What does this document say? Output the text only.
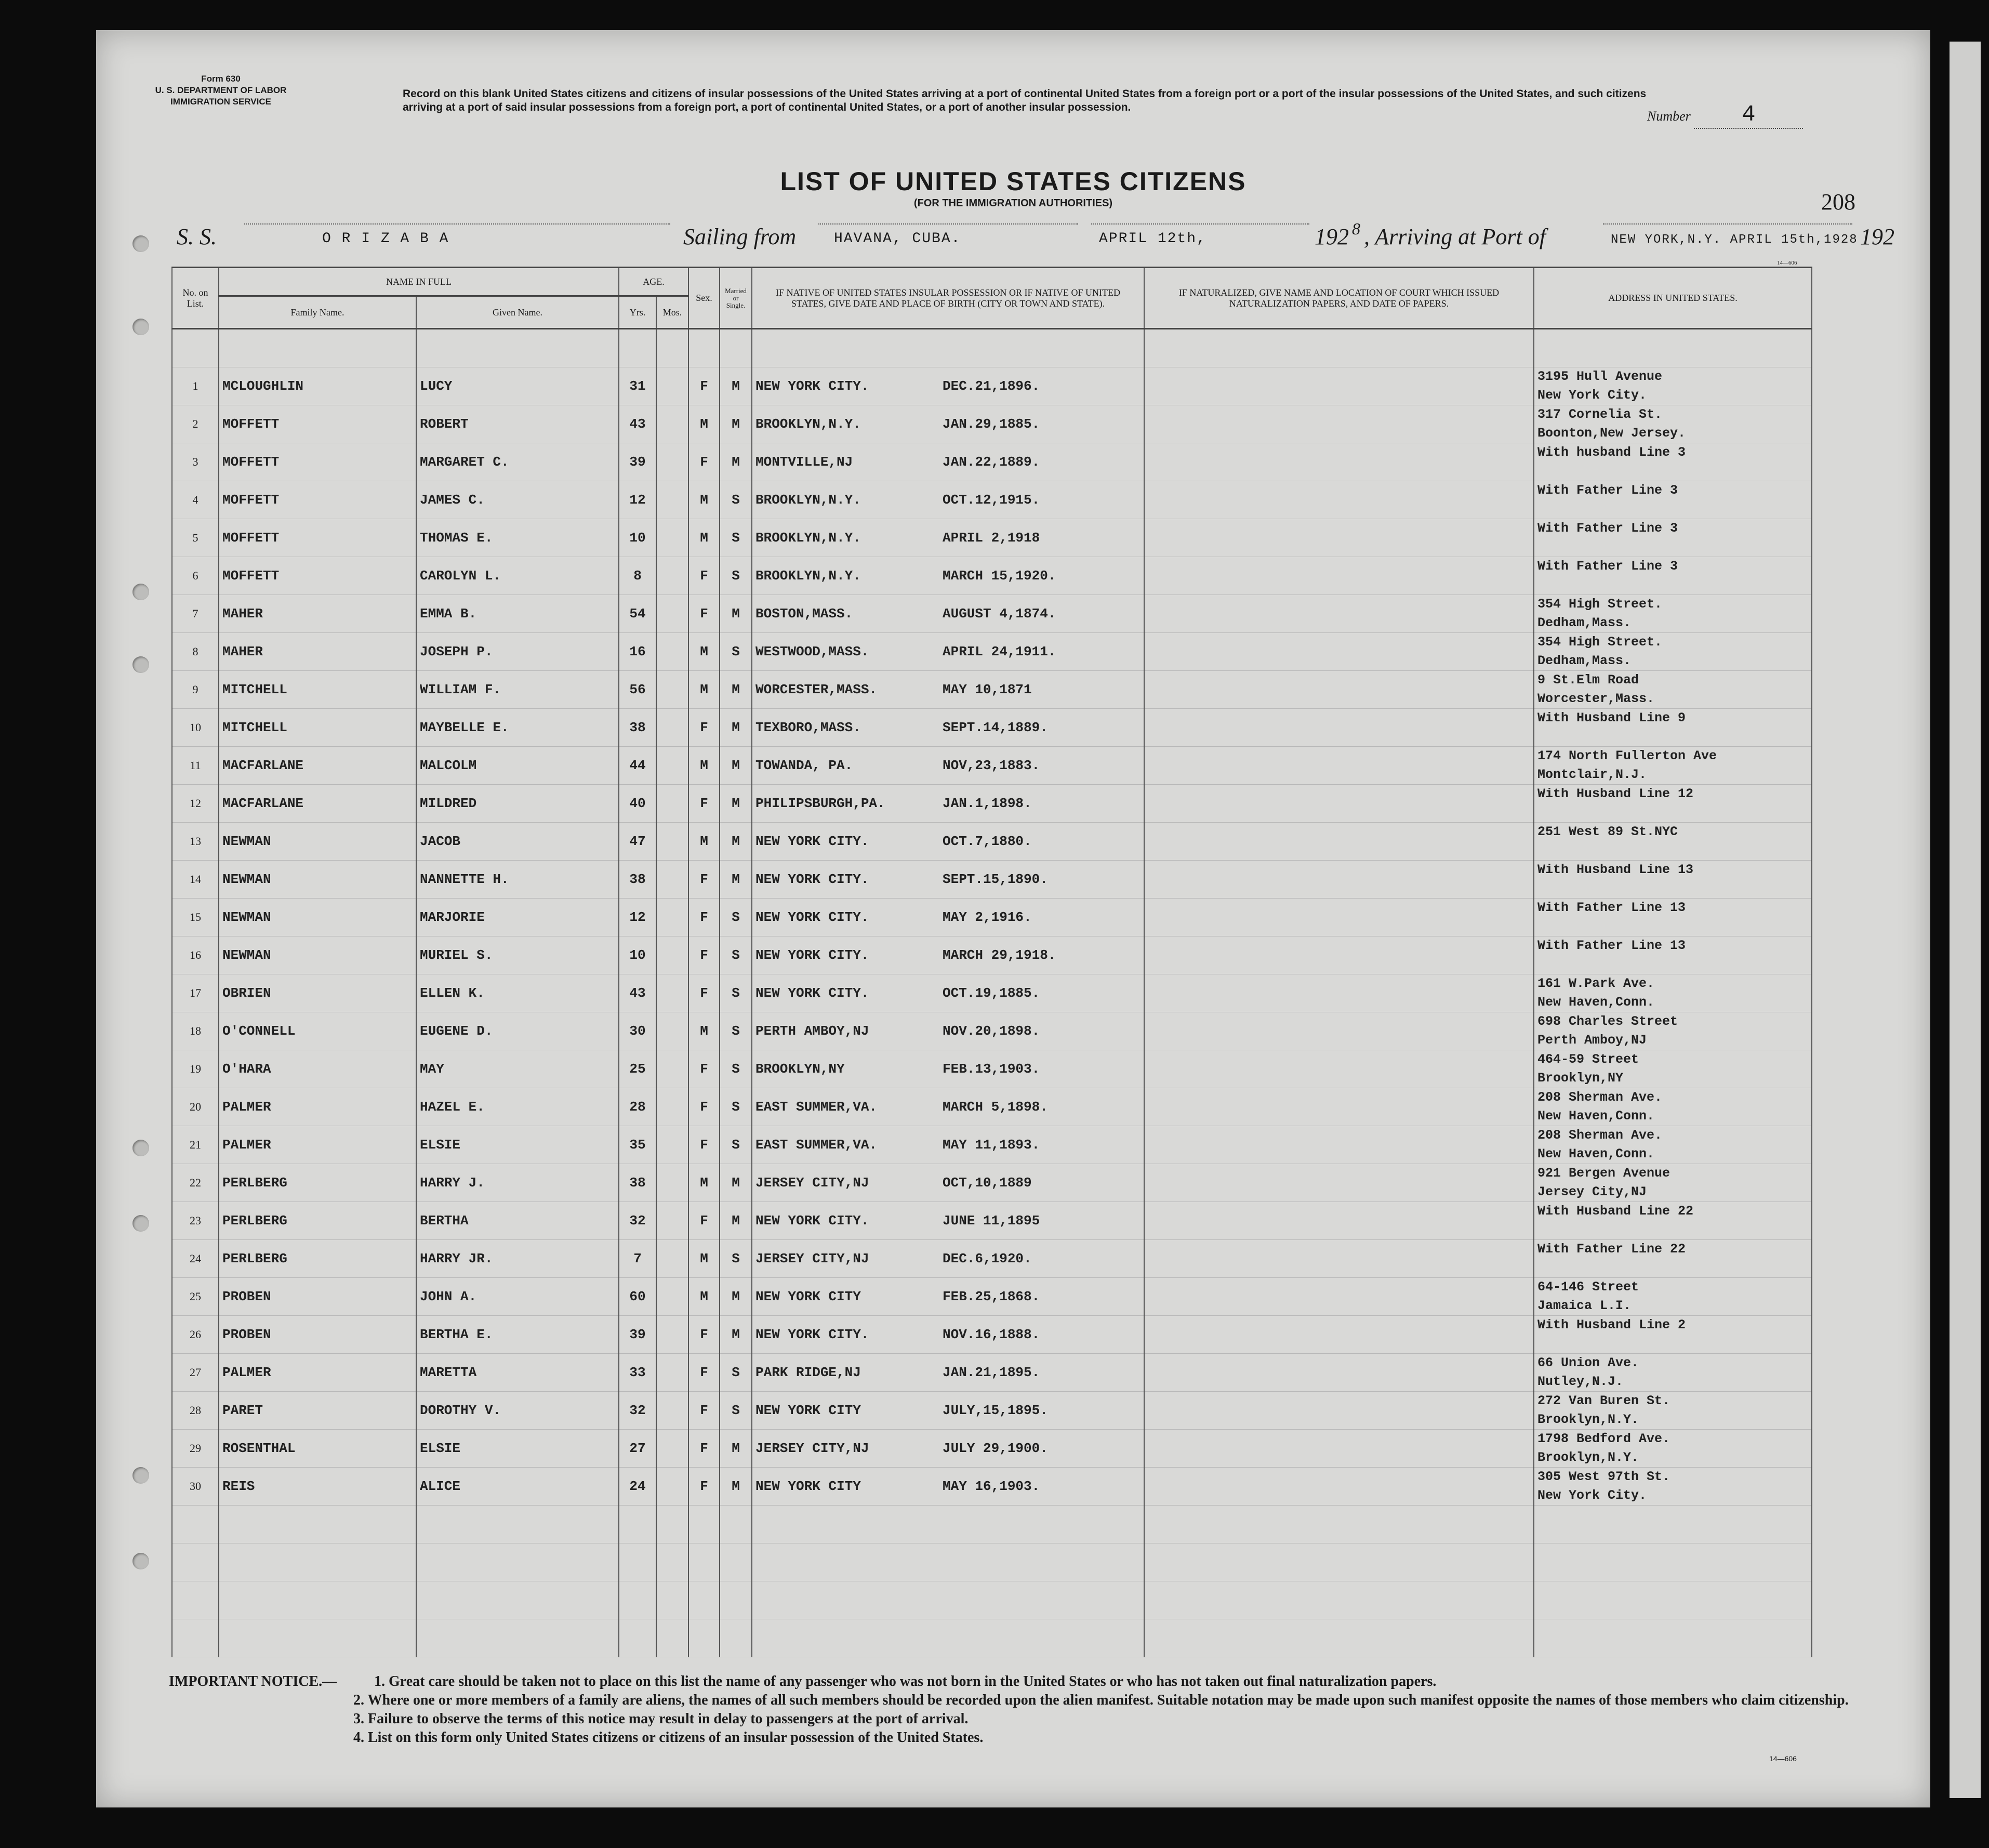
Form 630
U. S. DEPARTMENT OF LABOR
IMMIGRATION SERVICE
Record on this blank United States citizens and citizens of insular possessions of the United States arriving at a port of continental United States from a foreign port or a port of the insular possessions of the United States, and such citizens arriving at a port of said insular possessions from a foreign port, a port of continental United States, or a port of another insular possession.
Number 4
LIST OF UNITED STATES CITIZENS
(FOR THE IMMIGRATION AUTHORITIES)	208
S. S.	O R I Z A B A	Sailing from	HAVANA, CUBA.	APRIL 12th,	192 8 , Arriving at Port of	NEW YORK,N.Y. APRIL 15th,1928 192
14—606
No. on List.	NAME IN FULL		AGE.		Sex.	Married or Single.	IF NATIVE OF UNITED STATES INSULAR POSSESSION OR IF NATIVE OF UNITED STATES, GIVE DATE AND PLACE OF BIRTH (CITY OR TOWN AND STATE).	IF NATURALIZED, GIVE NAME AND LOCATION OF COURT WHICH ISSUED NATURALIZATION PAPERS, AND DATE OF PAPERS.	ADDRESS IN UNITED STATES.
	Family Name.	Given Name.	Yrs.	Mos.					

1	MCLOUGHLIN	LUCY	31		F	M	NEW YORK CITY. DEC.21,1896.		3195 Hull Avenue
New York City.
2	MOFFETT	ROBERT	43		M	M	BROOKLYN,N.Y. JAN.29,1885.		317 Cornelia St.
Boonton,New Jersey.
3	MOFFETT	MARGARET C.	39		F	M	MONTVILLE,NJ JAN.22,1889.		With husband Line 3
4	MOFFETT	JAMES C.	12		M	S	BROOKLYN,N.Y. OCT.12,1915.		With Father Line 3
5	MOFFETT	THOMAS E.	10		M	S	BROOKLYN,N.Y. APRIL 2,1918		With Father Line 3
6	MOFFETT	CAROLYN L.	8		F	S	BROOKLYN,N.Y. MARCH 15,1920.		With Father Line 3
7	MAHER	EMMA B.	54		F	M	BOSTON,MASS. AUGUST 4,1874.		354 High Street.
Dedham,Mass.
8	MAHER	JOSEPH P.	16		M	S	WESTWOOD,MASS. APRIL 24,1911.		354 High Street.
Dedham,Mass.
9	MITCHELL	WILLIAM F.	56		M	M	WORCESTER,MASS. MAY 10,1871		9 St.Elm Road
Worcester,Mass.
10	MITCHELL	MAYBELLE E.	38		F	M	TEXBORO,MASS. SEPT.14,1889.		With Husband Line 9
11	MACFARLANE	MALCOLM	44		M	M	TOWANDA, PA. NOV,23,1883.		174 North Fullerton Ave
Montclair,N.J.
12	MACFARLANE	MILDRED	40		F	M	PHILIPSBURGH,PA. JAN.1,1898.		With Husband Line 12
13	NEWMAN	JACOB	47		M	M	NEW YORK CITY. OCT.7,1880.		251 West 89 St.NYC
14	NEWMAN	NANNETTE H.	38		F	M	NEW YORK CITY. SEPT.15,1890.		With Husband Line 13
15	NEWMAN	MARJORIE	12		F	S	NEW YORK CITY. MAY 2,1916.		With Father Line 13
16	NEWMAN	MURIEL S.	10		F	S	NEW YORK CITY. MARCH 29,1918.		With Father Line 13
17	OBRIEN	ELLEN K.	43		F	S	NEW YORK CITY. OCT.19,1885.		161 W.Park Ave.
New Haven,Conn.
18	O'CONNELL	EUGENE D.	30		M	S	PERTH AMBOY,NJ NOV.20,1898.		698 Charles Street
Perth Amboy,NJ
19	O'HARA	MAY	25		F	S	BROOKLYN,NY FEB.13,1903.		464-59 Street
Brooklyn,NY
20	PALMER	HAZEL E.	28		F	S	EAST SUMMER,VA. MARCH 5,1898.		208 Sherman Ave.
New Haven,Conn.
21	PALMER	ELSIE	35		F	S	EAST SUMMER,VA. MAY 11,1893.		208 Sherman Ave.
New Haven,Conn.
22	PERLBERG	HARRY J.	38		M	M	JERSEY CITY,NJ OCT,10,1889		921 Bergen Avenue
Jersey City,NJ
23	PERLBERG	BERTHA	32		F	M	NEW YORK CITY. JUNE 11,1895		With Husband Line 22
24	PERLBERG	HARRY JR.	7		M	S	JERSEY CITY,NJ DEC.6,1920.		With Father Line 22
25	PROBEN	JOHN A.	60		M	M	NEW YORK CITY FEB.25,1868.		64-146 Street
Jamaica L.I.
26	PROBEN	BERTHA E.	39		F	M	NEW YORK CITY. NOV.16,1888.		With Husband Line 2
27	PALMER	MARETTA	33		F	S	PARK RIDGE,NJ JAN.21,1895.		66 Union Ave.
Nutley,N.J.
28	PARET	DOROTHY V.	32		F	S	NEW YORK CITY JULY,15,1895.		272 Van Buren St.
Brooklyn,N.Y.
29	ROSENTHAL	ELSIE	27		F	M	JERSEY CITY,NJ JULY 29,1900.		1798 Bedford Ave.
Brooklyn,N.Y.
30	REIS	ALICE	24		F	M	NEW YORK CITY MAY 16,1903.		305 West 97th St.
New York City.

IMPORTANT NOTICE.—	1. Great care should be taken not to place on this list the name of any passenger who was not born in the United States or who has not taken out final naturalization papers.
2. Where one or more members of a family are aliens, the names of all such members should be recorded upon the alien manifest. Suitable notation may be made upon such manifest opposite the names of those members who claim citizenship.
3. Failure to observe the terms of this notice may result in delay to passengers at the port of arrival.
4. List on this form only United States citizens or citizens of an insular possession of the United States.
14—606
